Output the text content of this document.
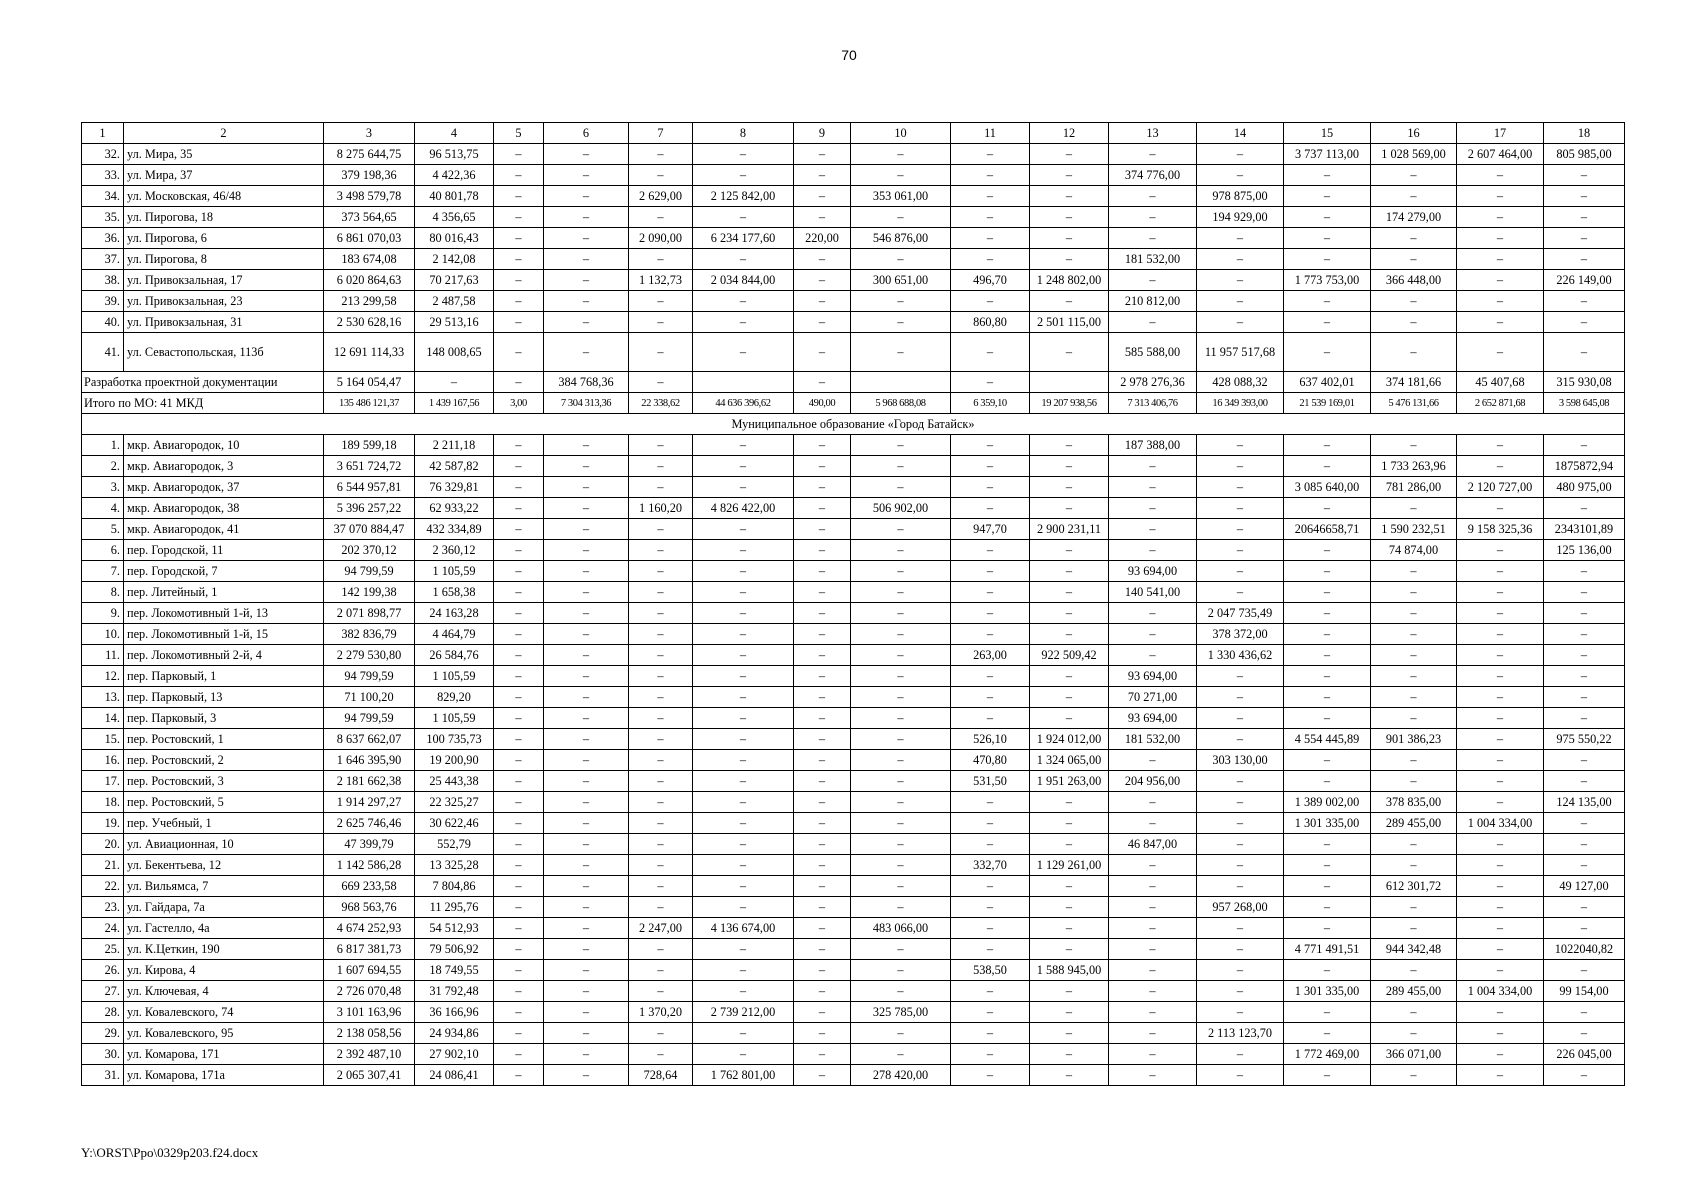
70
1	2	3	4	5	6	7	8	9	10	11	12	13	14	15	16	17	18
32.	ул. Мира, 35	8 275 644,75	96 513,75	–	–	–	–	–	–	–	–	–	–	3 737 113,00	1 028 569,00	2 607 464,00	805 985,00
33.	ул. Мира, 37	379 198,36	4 422,36	–	–	–	–	–	–	–	–	374 776,00	–	–	–	–	–
34.	ул. Московская, 46/48	3 498 579,78	40 801,78	–	–	2 629,00	2 125 842,00	–	353 061,00	–	–	–	978 875,00	–	–	–	–
35.	ул. Пирогова, 18	373 564,65	4 356,65	–	–	–	–	–	–	–	–	–	194 929,00	–	174 279,00	–	–
36.	ул. Пирогова, 6	6 861 070,03	80 016,43	–	–	2 090,00	6 234 177,60	220,00	546 876,00	–	–	–	–	–	–	–	–
37.	ул. Пирогова, 8	183 674,08	2 142,08	–	–	–	–	–	–	–	–	181 532,00	–	–	–	–	–
38.	ул. Привокзальная, 17	6 020 864,63	70 217,63	–	–	1 132,73	2 034 844,00	–	300 651,00	496,70	1 248 802,00	–	–	1 773 753,00	366 448,00	–	226 149,00
39.	ул. Привокзальная, 23	213 299,58	2 487,58	–	–	–	–	–	–	–	–	210 812,00	–	–	–	–	–
40.	ул. Привокзальная, 31	2 530 628,16	29 513,16	–	–	–	–	–	–	860,80	2 501 115,00	–	–	–	–	–	–
41.	ул. Севастопольская, 113б	12 691 114,33	148 008,65	–	–	–	–	–	–	–	–	585 588,00	11 957 517,68	–	–	–	–
Разработка проектной документации		5 164 054,47	–	–	384 768,36	–		–		–		2 978 276,36	428 088,32	637 402,01	374 181,66	45 407,68	315 930,08
Итого по МО: 41 МКД		135 486 121,37	1 439 167,56	3,00	7 304 313,36	22 338,62	44 636 396,62	490,00	5 968 688,08	6 359,10	19 207 938,56	7 313 406,76	16 349 393,00	21 539 169,01	5 476 131,66	2 652 871,68	3 598 645,08
Муниципальное образование «Город Батайск»																	
1.	мкр. Авиагородок, 10	189 599,18	2 211,18	–	–	–	–	–	–	–	–	187 388,00	–	–	–	–	–
2.	мкр. Авиагородок, 3	3 651 724,72	42 587,82	–	–	–	–	–	–	–	–	–	–	–	1 733 263,96	–	1875872,94
3.	мкр. Авиагородок, 37	6 544 957,81	76 329,81	–	–	–	–	–	–	–	–	–	–	3 085 640,00	781 286,00	2 120 727,00	480 975,00
4.	мкр. Авиагородок, 38	5 396 257,22	62 933,22	–	–	1 160,20	4 826 422,00	–	506 902,00	–	–	–	–	–	–	–	–
5.	мкр. Авиагородок, 41	37 070 884,47	432 334,89	–	–	–	–	–	–	947,70	2 900 231,11	–	–	20646658,71	1 590 232,51	9 158 325,36	2343101,89
6.	пер. Городской, 11	202 370,12	2 360,12	–	–	–	–	–	–	–	–	–	–	–	74 874,00	–	125 136,00
7.	пер. Городской, 7	94 799,59	1 105,59	–	–	–	–	–	–	–	–	93 694,00	–	–	–	–	–
8.	пер. Литейный, 1	142 199,38	1 658,38	–	–	–	–	–	–	–	–	140 541,00	–	–	–	–	–
9.	пер. Локомотивный 1-й, 13	2 071 898,77	24 163,28	–	–	–	–	–	–	–	–	–	2 047 735,49	–	–	–	–
10.	пер. Локомотивный 1-й, 15	382 836,79	4 464,79	–	–	–	–	–	–	–	–	–	378 372,00	–	–	–	–
11.	пер. Локомотивный 2-й, 4	2 279 530,80	26 584,76	–	–	–	–	–	–	263,00	922 509,42	–	1 330 436,62	–	–	–	–
12.	пер. Парковый, 1	94 799,59	1 105,59	–	–	–	–	–	–	–	–	93 694,00	–	–	–	–	–
13.	пер. Парковый, 13	71 100,20	829,20	–	–	–	–	–	–	–	–	70 271,00	–	–	–	–	–
14.	пер. Парковый, 3	94 799,59	1 105,59	–	–	–	–	–	–	–	–	93 694,00	–	–	–	–	–
15.	пер. Ростовский, 1	8 637 662,07	100 735,73	–	–	–	–	–	–	526,10	1 924 012,00	181 532,00	–	4 554 445,89	901 386,23	–	975 550,22
16.	пер. Ростовский, 2	1 646 395,90	19 200,90	–	–	–	–	–	–	470,80	1 324 065,00	–	303 130,00	–	–	–	–
17.	пер. Ростовский, 3	2 181 662,38	25 443,38	–	–	–	–	–	–	531,50	1 951 263,00	204 956,00	–	–	–	–	–
18.	пер. Ростовский, 5	1 914 297,27	22 325,27	–	–	–	–	–	–	–	–	–	–	1 389 002,00	378 835,00	–	124 135,00
19.	пер. Учебный, 1	2 625 746,46	30 622,46	–	–	–	–	–	–	–	–	–	–	1 301 335,00	289 455,00	1 004 334,00	–
20.	ул. Авиационная, 10	47 399,79	552,79	–	–	–	–	–	–	–	–	46 847,00	–	–	–	–	–
21.	ул. Бекентьева, 12	1 142 586,28	13 325,28	–	–	–	–	–	–	332,70	1 129 261,00	–	–	–	–	–	–
22.	ул. Вильямса, 7	669 233,58	7 804,86	–	–	–	–	–	–	–	–	–	–	–	612 301,72	–	49 127,00
23.	ул. Гайдара, 7а	968 563,76	11 295,76	–	–	–	–	–	–	–	–	–	957 268,00	–	–	–	–
24.	ул. Гастелло, 4а	4 674 252,93	54 512,93	–	–	2 247,00	4 136 674,00	–	483 066,00	–	–	–	–	–	–	–	–
25.	ул. К.Цеткин, 190	6 817 381,73	79 506,92	–	–	–	–	–	–	–	–	–	–	4 771 491,51	944 342,48	–	1022040,82
26.	ул. Кирова, 4	1 607 694,55	18 749,55	–	–	–	–	–	–	538,50	1 588 945,00	–	–	–	–	–	–
27.	ул. Ключевая, 4	2 726 070,48	31 792,48	–	–	–	–	–	–	–	–	–	–	1 301 335,00	289 455,00	1 004 334,00	99 154,00
28.	ул. Ковалевского, 74	3 101 163,96	36 166,96	–	–	1 370,20	2 739 212,00	–	325 785,00	–	–	–	–	–	–	–	–
29.	ул. Ковалевского, 95	2 138 058,56	24 934,86	–	–	–	–	–	–	–	–	–	2 113 123,70	–	–	–	–
30.	ул. Комарова, 171	2 392 487,10	27 902,10	–	–	–	–	–	–	–	–	–	–	1 772 469,00	366 071,00	–	226 045,00
31.	ул. Комарова, 171а	2 065 307,41	24 086,41	–	–	728,64	1 762 801,00	–	278 420,00	–	–	–	–	–	–	–	–
Y:\ORST\Ppo\0329p203.f24.docx
